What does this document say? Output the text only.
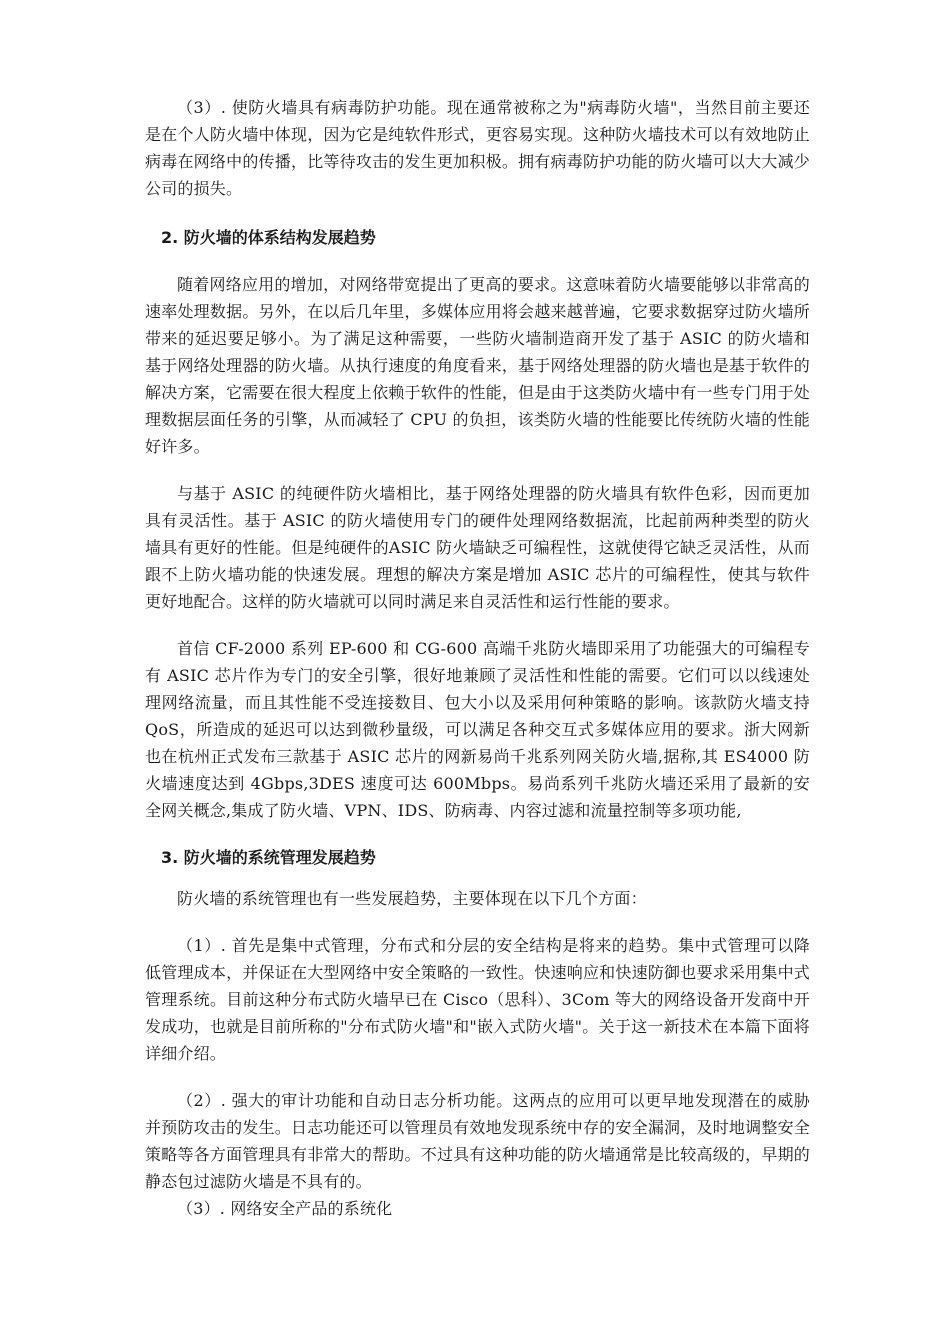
（3）. 使防火墙具有病毒防护功能。现在通常被称之为"病毒防火墙"，当然目前主要还是在个人防火墙中体现，因为它是纯软件形式，更容易实现。这种防火墙技术可以有效地防止病毒在网络中的传播，比等待攻击的发生更加积极。拥有病毒防护功能的防火墙可以大大减少公司的损失。

2. 防火墙的体系结构发展趋势

随着网络应用的增加，对网络带宽提出了更高的要求。这意味着防火墙要能够以非常高的速率处理数据。另外，在以后几年里，多媒体应用将会越来越普遍，它要求数据穿过防火墙所带来的延迟要足够小。为了满足这种需要，一些防火墙制造商开发了基于 ASIC 的防火墙和基于网络处理器的防火墙。从执行速度的角度看来，基于网络处理器的防火墙也是基于软件的解决方案，它需要在很大程度上依赖于软件的性能，但是由于这类防火墙中有一些专门用于处理数据层面任务的引擎，从而减轻了 CPU 的负担，该类防火墙的性能要比传统防火墙的性能好许多。

与基于 ASIC 的纯硬件防火墙相比，基于网络处理器的防火墙具有软件色彩，因而更加具有灵活性。基于 ASIC 的防火墙使用专门的硬件处理网络数据流，比起前两种类型的防火墙具有更好的性能。但是纯硬件的ASIC 防火墙缺乏可编程性，这就使得它缺乏灵活性，从而跟不上防火墙功能的快速发展。理想的解决方案是增加 ASIC 芯片的可编程性，使其与软件更好地配合。这样的防火墙就可以同时满足来自灵活性和运行性能的要求。

首信 CF-2000 系列 EP-600 和 CG-600 高端千兆防火墙即采用了功能强大的可编程专有 ASIC 芯片作为专门的安全引擎，很好地兼顾了灵活性和性能的需要。它们可以以线速处理网络流量，而且其性能不受连接数目、包大小以及采用何种策略的影响。该款防火墙支持 QoS，所造成的延迟可以达到微秒量级，可以满足各种交互式多媒体应用的要求。浙大网新也在杭州正式发布三款基于 ASIC 芯片的网新易尚千兆系列网关防火墙,据称,其 ES4000 防火墙速度达到 4Gbps,3DES 速度可达 600Mbps。易尚系列千兆防火墙还采用了最新的安全网关概念,集成了防火墙、VPN、IDS、防病毒、内容过滤和流量控制等多项功能,

3. 防火墙的系统管理发展趋势

防火墙的系统管理也有一些发展趋势，主要体现在以下几个方面：

（1）. 首先是集中式管理，分布式和分层的安全结构是将来的趋势。集中式管理可以降低管理成本，并保证在大型网络中安全策略的一致性。快速响应和快速防御也要求采用集中式管理系统。目前这种分布式防火墙早已在 Cisco（思科）、3Com 等大的网络设备开发商中开发成功，也就是目前所称的"分布式防火墙"和"嵌入式防火墙"。关于这一新技术在本篇下面将详细介绍。

（2）. 强大的审计功能和自动日志分析功能。这两点的应用可以更早地发现潜在的威胁并预防攻击的发生。日志功能还可以管理员有效地发现系统中存的安全漏洞，及时地调整安全策略等各方面管理具有非常大的帮助。不过具有这种功能的防火墙通常是比较高级的，早期的静态包过滤防火墙是不具有的。

（3）. 网络安全产品的系统化
